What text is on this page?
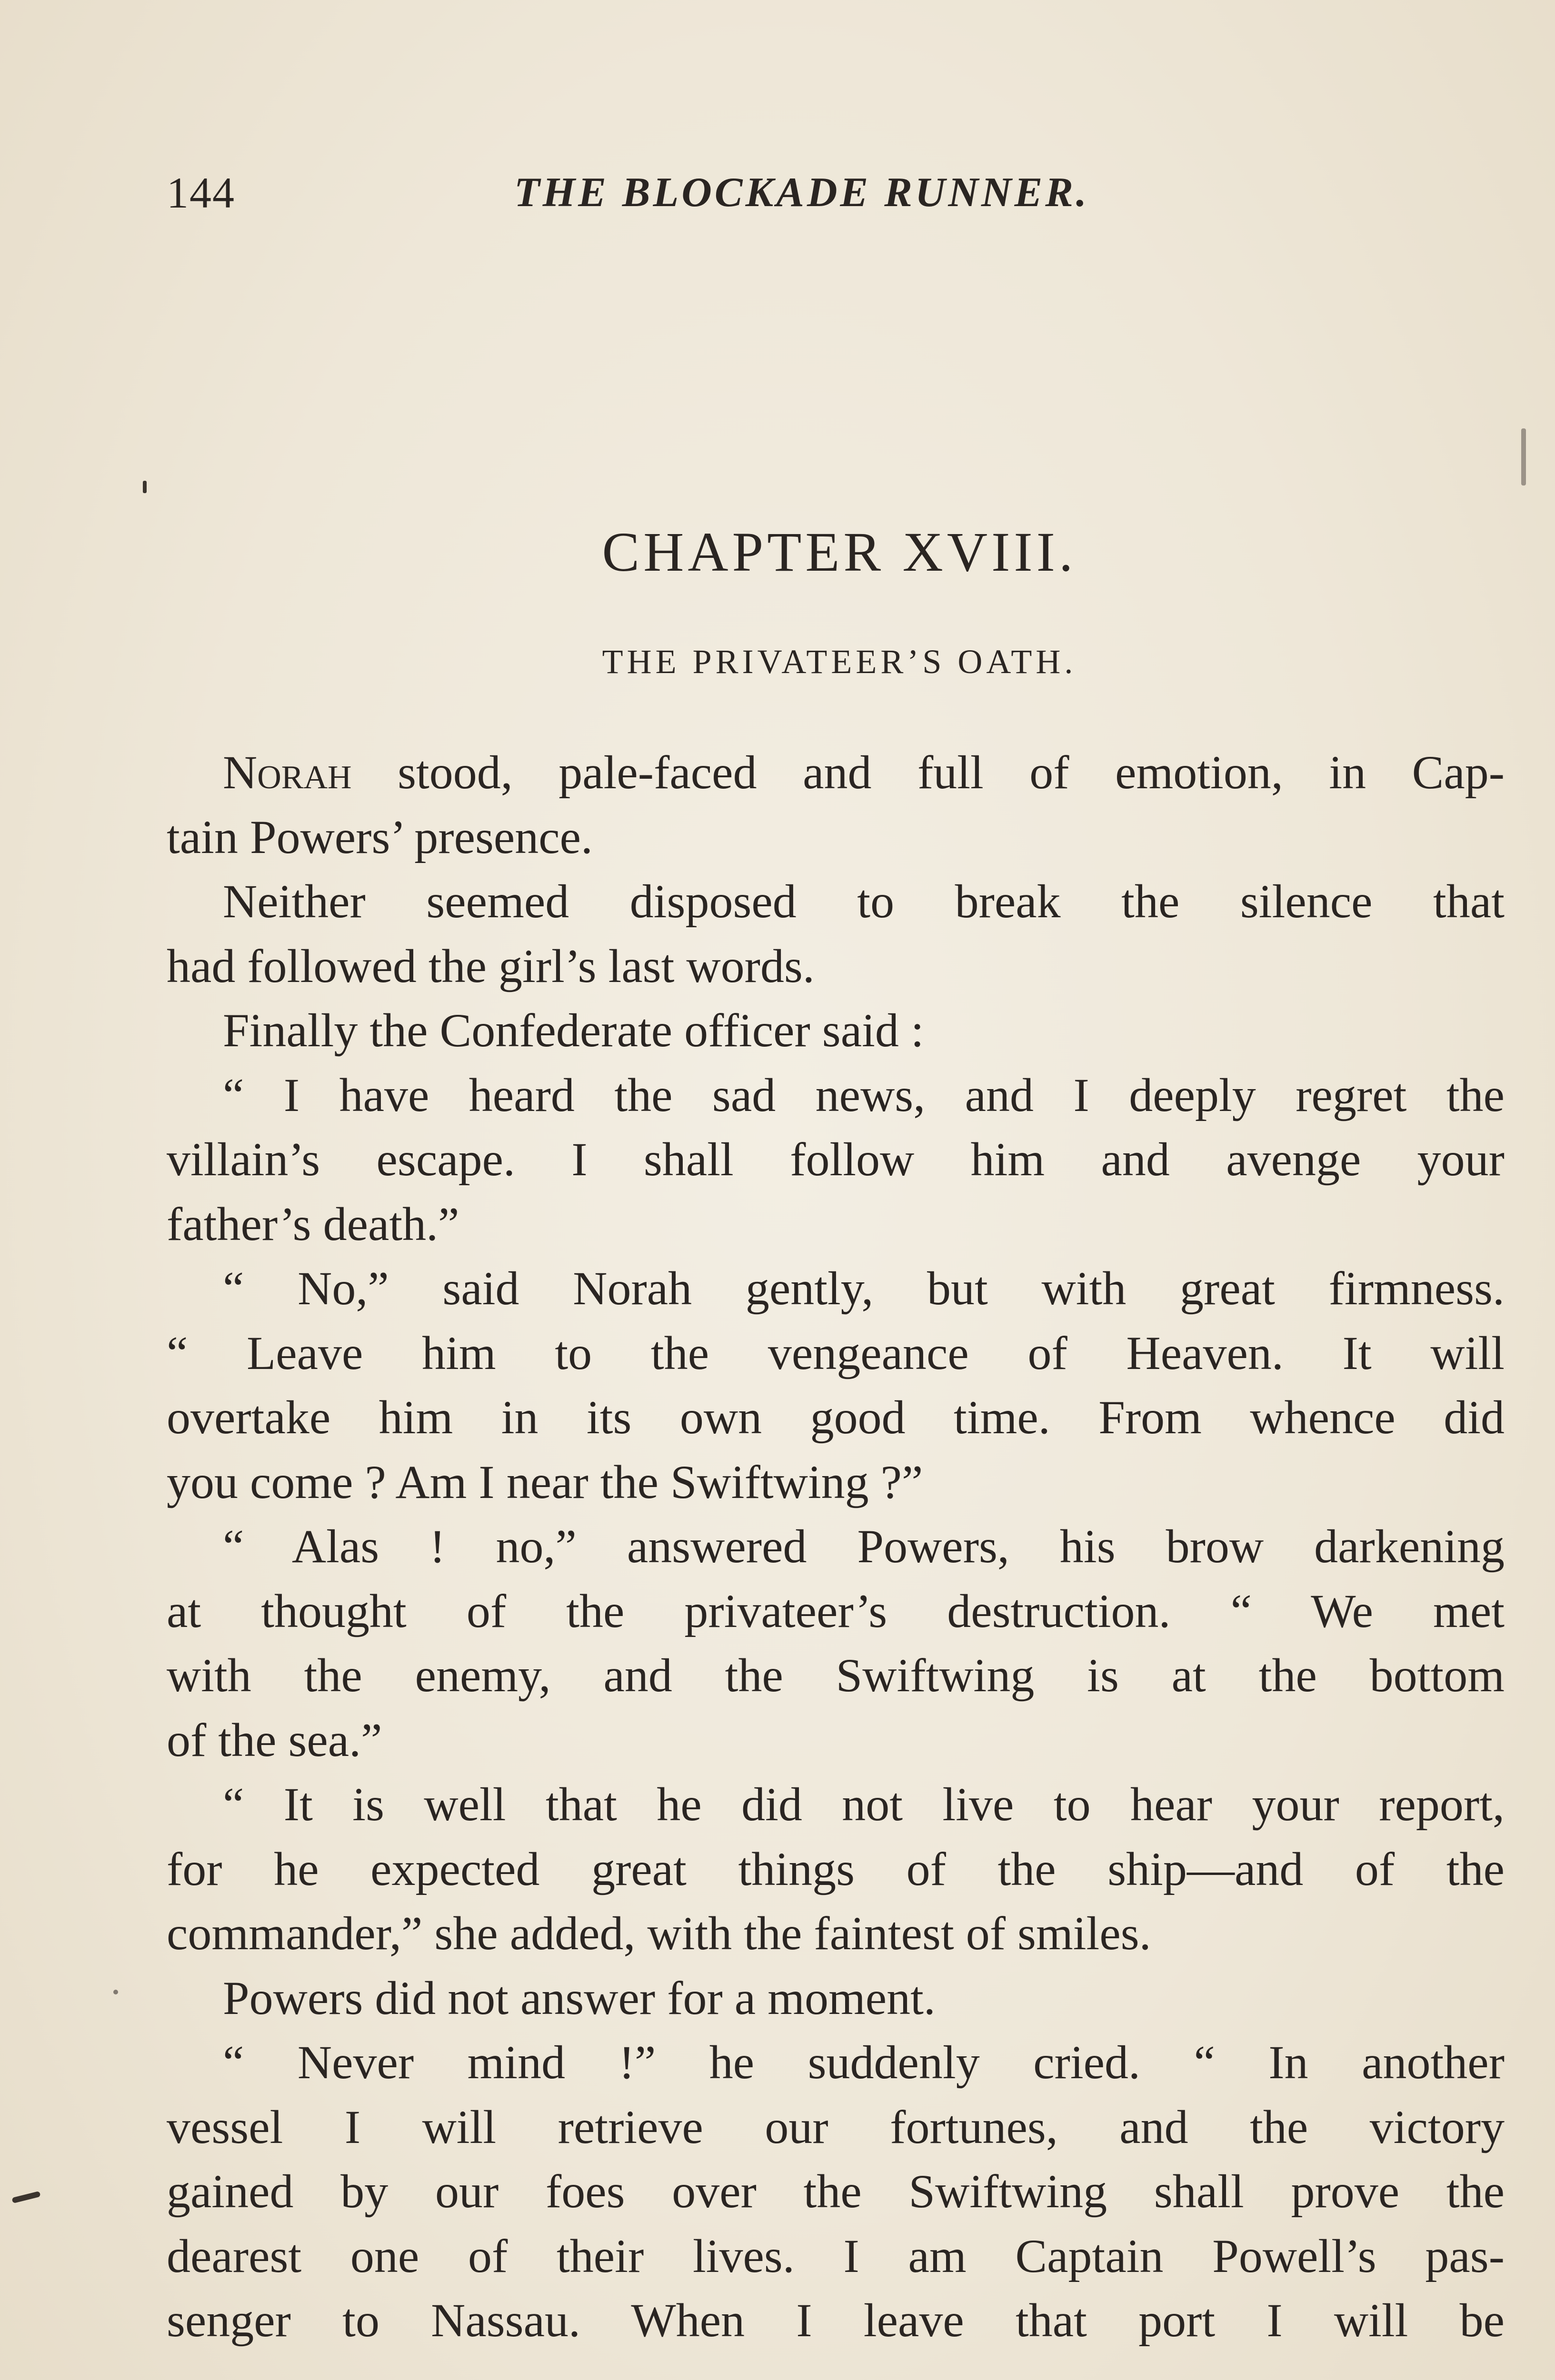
144	THE BLOCKADE RUNNER.
CHAPTER XVIII.
THE PRIVATEER’S OATH.
Norah stood, pale-faced and full of emotion, in Cap-
tain Powers’ presence.
Neither seemed disposed to break the silence that
had followed the girl’s last words.
Finally the Confederate officer said :
“ I have heard the sad news, and I deeply regret the
villain’s escape. I shall follow him and avenge your
father’s death.”
“ No,” said Norah gently, but with great firmness.
“ Leave him to the vengeance of Heaven. It will
overtake him in its own good time. From whence did
you come ? Am I near the Swiftwing ?”
“ Alas ! no,” answered Powers, his brow darkening
at thought of the privateer’s destruction. “ We met
with the enemy, and the Swiftwing is at the bottom
of the sea.”
“ It is well that he did not live to hear your report,
for he expected great things of the ship—and of the
commander,” she added, with the faintest of smiles.
Powers did not answer for a moment.
“ Never mind !” he suddenly cried. “ In another
vessel I will retrieve our fortunes, and the victory
gained by our foes over the Swiftwing shall prove the
dearest one of their lives. I am Captain Powell’s pas-
senger to Nassau. When I leave that port I will be
